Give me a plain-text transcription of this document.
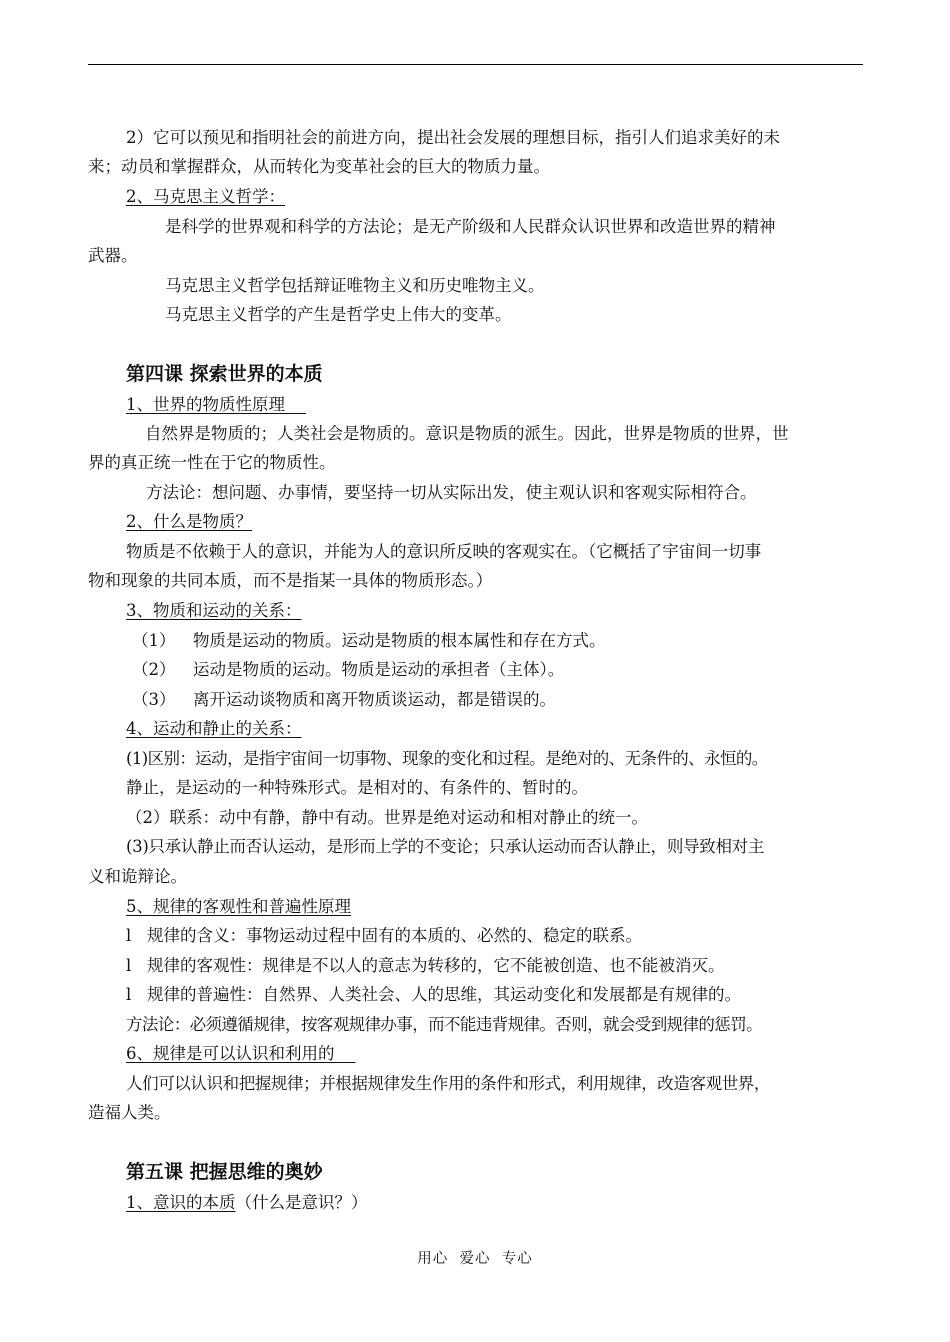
2）它可以预见和指明社会的前进方向，提出社会发展的理想目标，指引人们追求美好的未
来；动员和掌握群众，从而转化为变革社会的巨大的物质力量。
2、马克思主义哲学：
是科学的世界观和科学的方法论；是无产阶级和人民群众认识世界和改造世界的精神
武器。
马克思主义哲学包括辩证唯物主义和历史唯物主义。
马克思主义哲学的产生是哲学史上伟大的变革。
第四课 探索世界的本质
1、世界的物质性原理
自然界是物质的；人类社会是物质的。意识是物质的派生。因此，世界是物质的世界，世
界的真正统一性在于它的物质性。
方法论：想问题、办事情，要坚持一切从实际出发，使主观认识和客观实际相符合。
2、什么是物质？
物质是不依赖于人的意识，并能为人的意识所反映的客观实在。（它概括了宇宙间一切事
物和现象的共同本质，而不是指某一具体的物质形态。）
3、物质和运动的关系：
（1） 物质是运动的物质。运动是物质的根本属性和存在方式。
（2） 运动是物质的运动。物质是运动的承担者（主体）。
（3） 离开运动谈物质和离开物质谈运动，都是错误的。
4、运动和静止的关系：
(1)区别：运动，是指宇宙间一切事物、现象的变化和过程。是绝对的、无条件的、永恒的。
静止，是运动的一种特殊形式。是相对的、有条件的、暂时的。
（2）联系：动中有静，静中有动。世界是绝对运动和相对静止的统一。
(3)只承认静止而否认运动，是形而上学的不变论；只承认运动而否认静止，则导致相对主
义和诡辩论。
5、规律的客观性和普遍性原理
l   规律的含义：事物运动过程中固有的本质的、必然的、稳定的联系。
l   规律的客观性：规律是不以人的意志为转移的，它不能被创造、也不能被消灭。
l   规律的普遍性：自然界、人类社会、人的思维，其运动变化和发展都是有规律的。
方法论：必须遵循规律，按客观规律办事，而不能违背规律。否则，就会受到规律的惩罚。
6、规律是可以认识和利用的
人们可以认识和把握规律；并根据规律发生作用的条件和形式，利用规律，改造客观世界，
造福人类。
第五课 把握思维的奥妙
1、意识的本质（什么是意识？）
用心  爱心  专心
